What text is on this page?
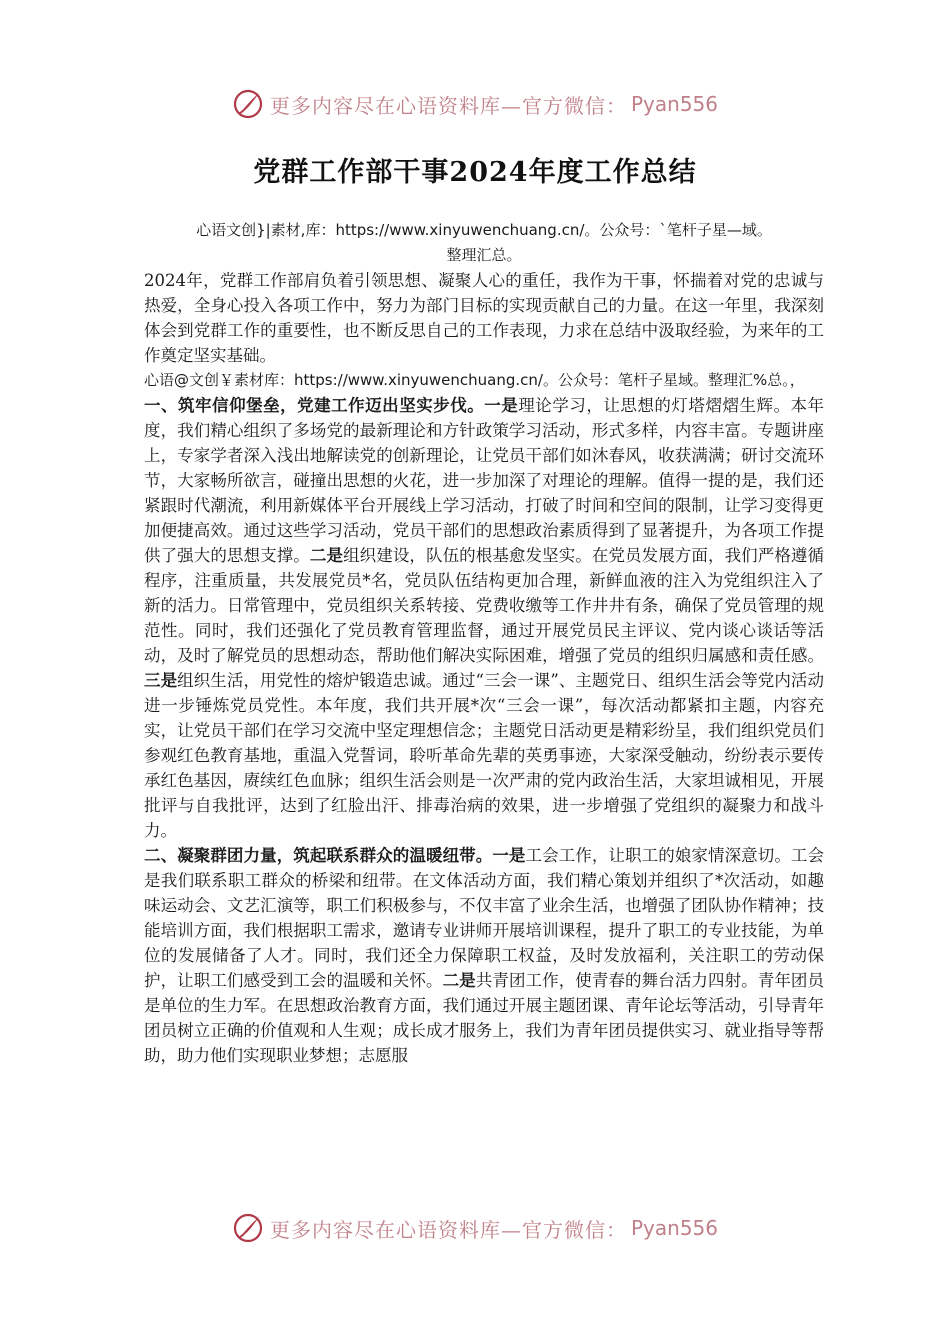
更多内容尽在心语资料库—官方微信： Pyan556
党群工作部干事2024年度工作总结

心语文创}|素材,库：https://www.xinyuwenchuang.cn/。公众号：`笔杆子星—域。
整理汇总。

2024年，党群工作部肩负着引领思想、凝聚人心的重任，我作为干事，怀揣着对党的忠诚与热爱，全身心投入各项工作中，努力为部门目标的实现贡献自己的力量。在这一年里，我深刻体会到党群工作的重要性，也不断反思自己的工作表现，力求在总结中汲取经验，为来年的工作奠定坚实基础。

心语@文创￥素材库：https://www.xinyuwenchuang.cn/。公众号：笔杆子星域。整理汇%总。，

一、筑牢信仰堡垒，党建工作迈出坚实步伐。一是理论学习，让思想的灯塔熠熠生辉。本年度，我们精心组织了多场党的最新理论和方针政策学习活动，形式多样，内容丰富。专题讲座上，专家学者深入浅出地解读党的创新理论，让党员干部们如沐春风，收获满满；研讨交流环节，大家畅所欲言，碰撞出思想的火花，进一步加深了对理论的理解。值得一提的是，我们还紧跟时代潮流，利用新媒体平台开展线上学习活动，打破了时间和空间的限制，让学习变得更加便捷高效。通过这些学习活动，党员干部们的思想政治素质得到了显著提升，为各项工作提供了强大的思想支撑。二是组织建设，队伍的根基愈发坚实。在党员发展方面，我们严格遵循程序，注重质量，共发展党员*名，党员队伍结构更加合理，新鲜血液的注入为党组织注入了新的活力。日常管理中，党员组织关系转接、党费收缴等工作井井有条，确保了党员管理的规范性。同时，我们还强化了党员教育管理监督，通过开展党员民主评议、党内谈心谈话等活动，及时了解党员的思想动态，帮助他们解决实际困难，增强了党员的组织归属感和责任感。三是组织生活，用党性的熔炉锻造忠诚。通过“三会一课”、主题党日、组织生活会等党内活动进一步锤炼党员党性。本年度，我们共开展*次“三会一课”，每次活动都紧扣主题，内容充实，让党员干部们在学习交流中坚定理想信念；主题党日活动更是精彩纷呈，我们组织党员们参观红色教育基地，重温入党誓词，聆听革命先辈的英勇事迹，大家深受触动，纷纷表示要传承红色基因，赓续红色血脉；组织生活会则是一次严肃的党内政治生活，大家坦诚相见，开展批评与自我批评，达到了红脸出汗、排毒治病的效果，进一步增强了党组织的凝聚力和战斗力。

二、凝聚群团力量，筑起联系群众的温暖纽带。一是工会工作，让职工的娘家情深意切。工会是我们联系职工群众的桥梁和纽带。在文体活动方面，我们精心策划并组织了*次活动，如趣味运动会、文艺汇演等，职工们积极参与，不仅丰富了业余生活，也增强了团队协作精神；技能培训方面，我们根据职工需求，邀请专业讲师开展培训课程，提升了职工的专业技能，为单位的发展储备了人才。同时，我们还全力保障职工权益，及时发放福利，关注职工的劳动保护，让职工们感受到工会的温暖和关怀。二是共青团工作，使青春的舞台活力四射。青年团员是单位的生力军。在思想政治教育方面，我们通过开展主题团课、青年论坛等活动，引导青年团员树立正确的价值观和人生观；成长成才服务上，我们为青年团员提供实习、就业指导等帮助，助力他们实现职业梦想；志愿服

更多内容尽在心语资料库—官方微信： Pyan556
